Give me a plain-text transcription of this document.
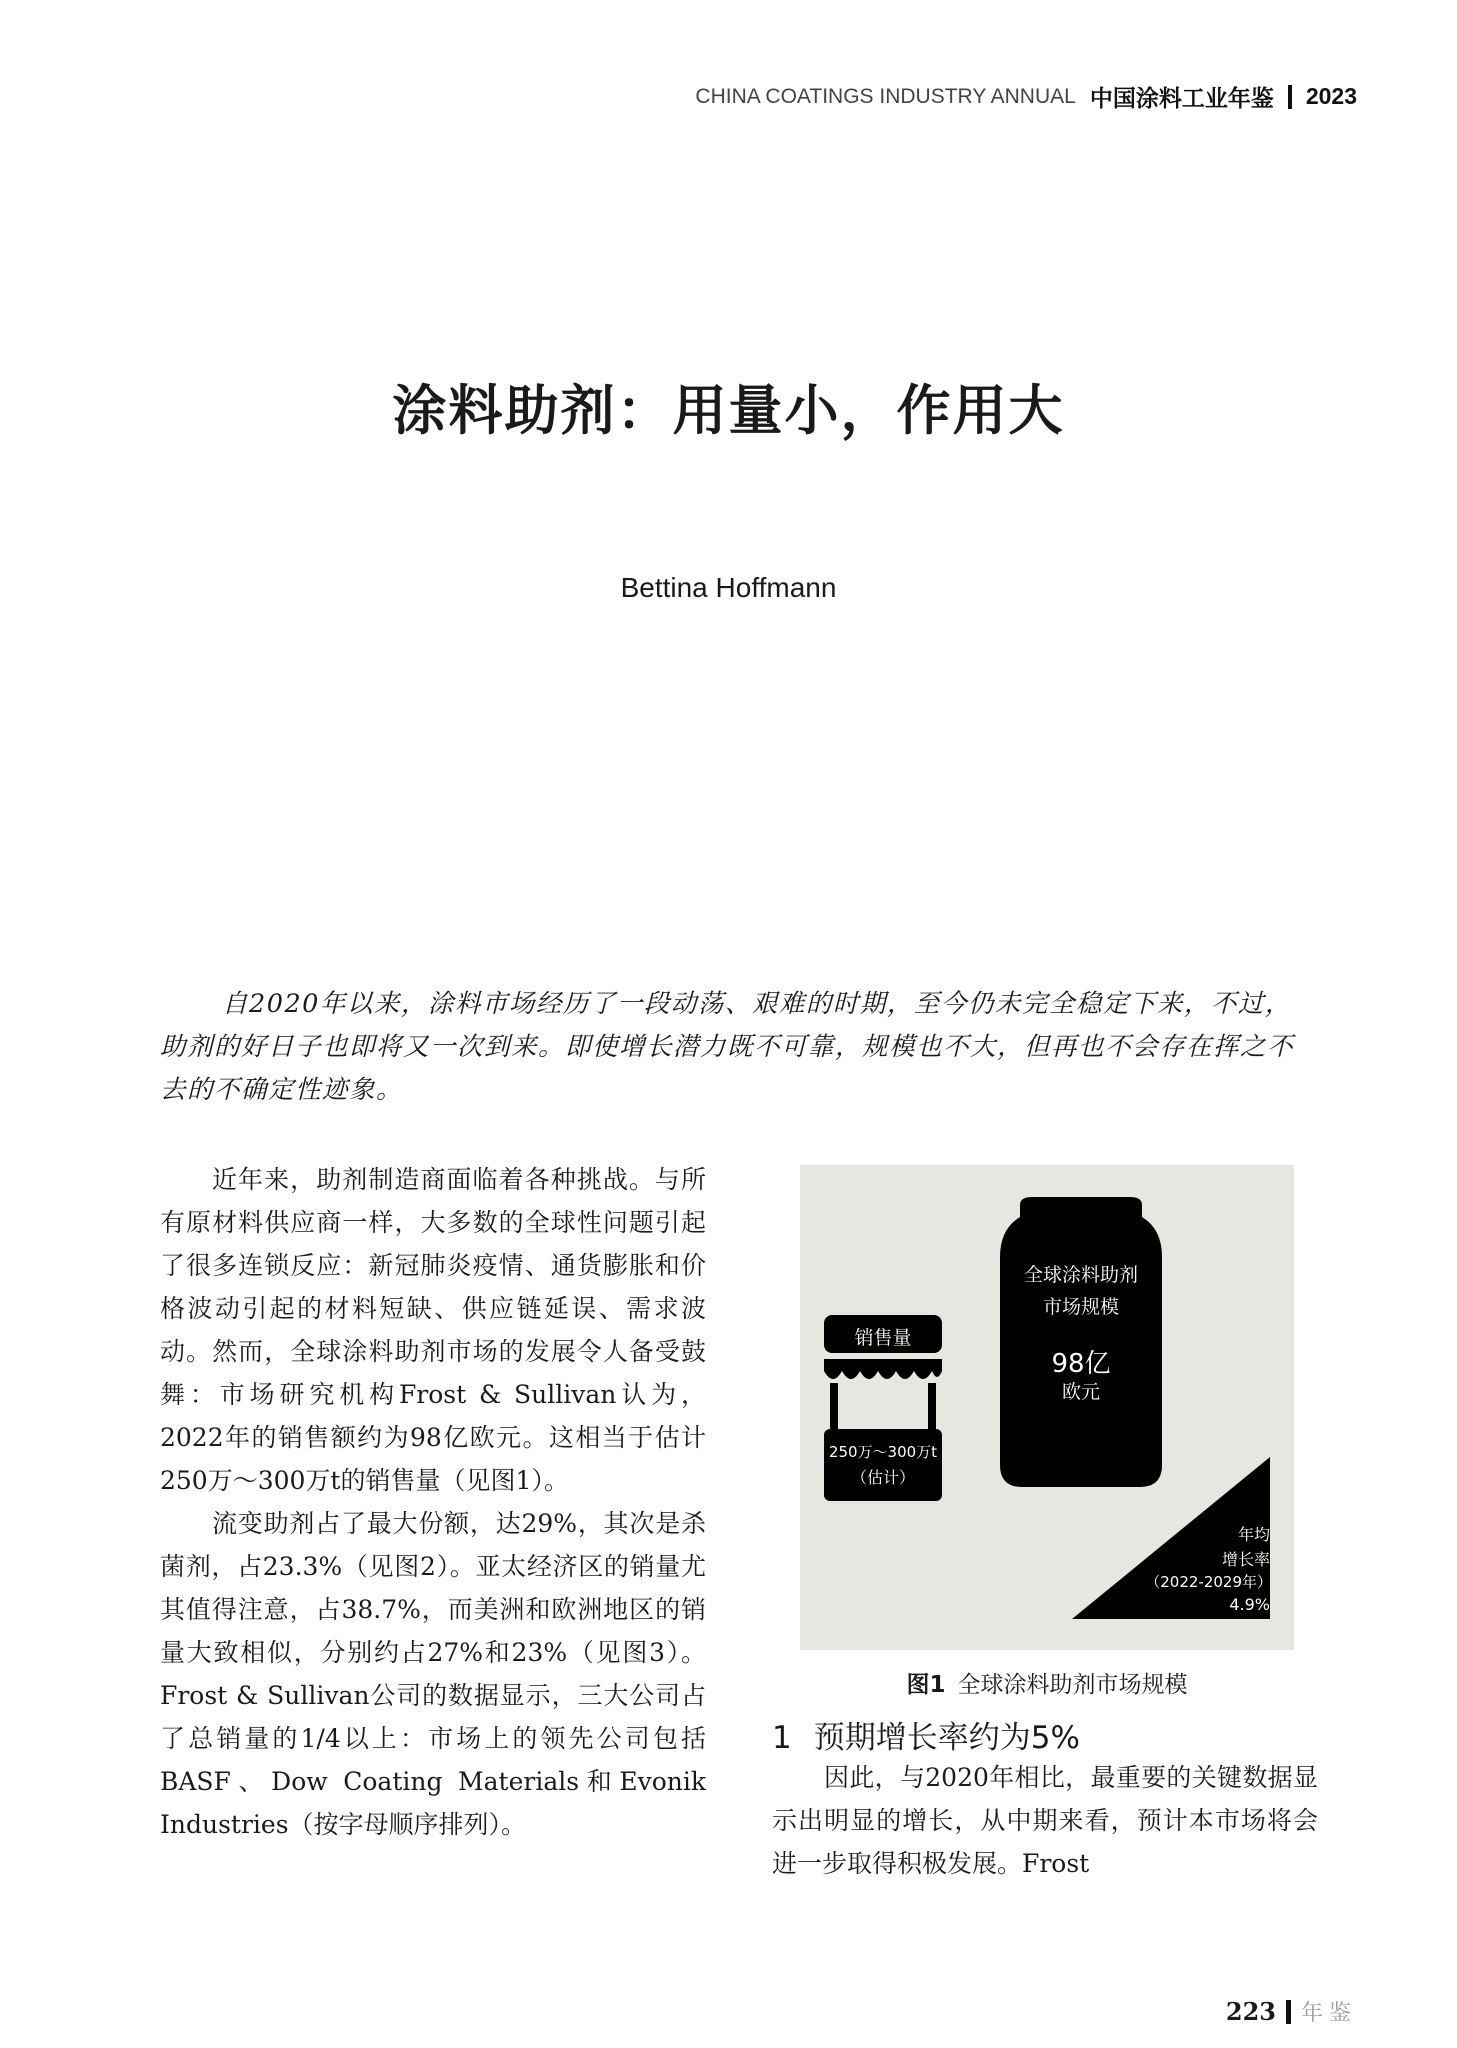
CHINA COATINGS INDUSTRY ANNUAL 中国涂料工业年鉴 2023
涂料助剂：用量小，作用大
Bettina Hoffmann
自2020年以来，涂料市场经历了一段动荡、艰难的时期，至今仍未完全稳定下来，不过，助剂的好日子也即将又一次到来。即使增长潜力既不可靠，规模也不大，但再也不会存在挥之不去的不确定性迹象。

近年来，助剂制造商面临着各种挑战。与所有原材料供应商一样，大多数的全球性问题引起了很多连锁反应：新冠肺炎疫情、通货膨胀和价格波动引起的材料短缺、供应链延误、需求波动。然而，全球涂料助剂市场的发展令人备受鼓舞：市场研究机构Frost & Sullivan认为，2022年的销售额约为98亿欧元。这相当于估计250万～300万t的销售量（见图1）。

流变助剂占了最大份额，达29%，其次是杀菌剂，占23.3%（见图2）。亚太经济区的销量尤其值得注意，占38.7%，而美洲和欧洲地区的销量大致相似，分别约占27%和23%（见图3）。Frost & Sullivan公司的数据显示，三大公司占了总销量的1/4以上：市场上的领先公司包括BASF、Dow Coating Materials和Evonik Industries（按字母顺序排列）。

全球涂料助剂
市场规模
98亿
欧元
销售量
250万～300万t
（估计）
年均
增长率
（2022-2029年）
4.9%
图1 全球涂料助剂市场规模
1 预期增长率约为5%

因此，与2020年相比，最重要的关键数据显示出明显的增长，从中期来看，预计本市场将会进一步取得积极发展。Frost

223 年鉴
